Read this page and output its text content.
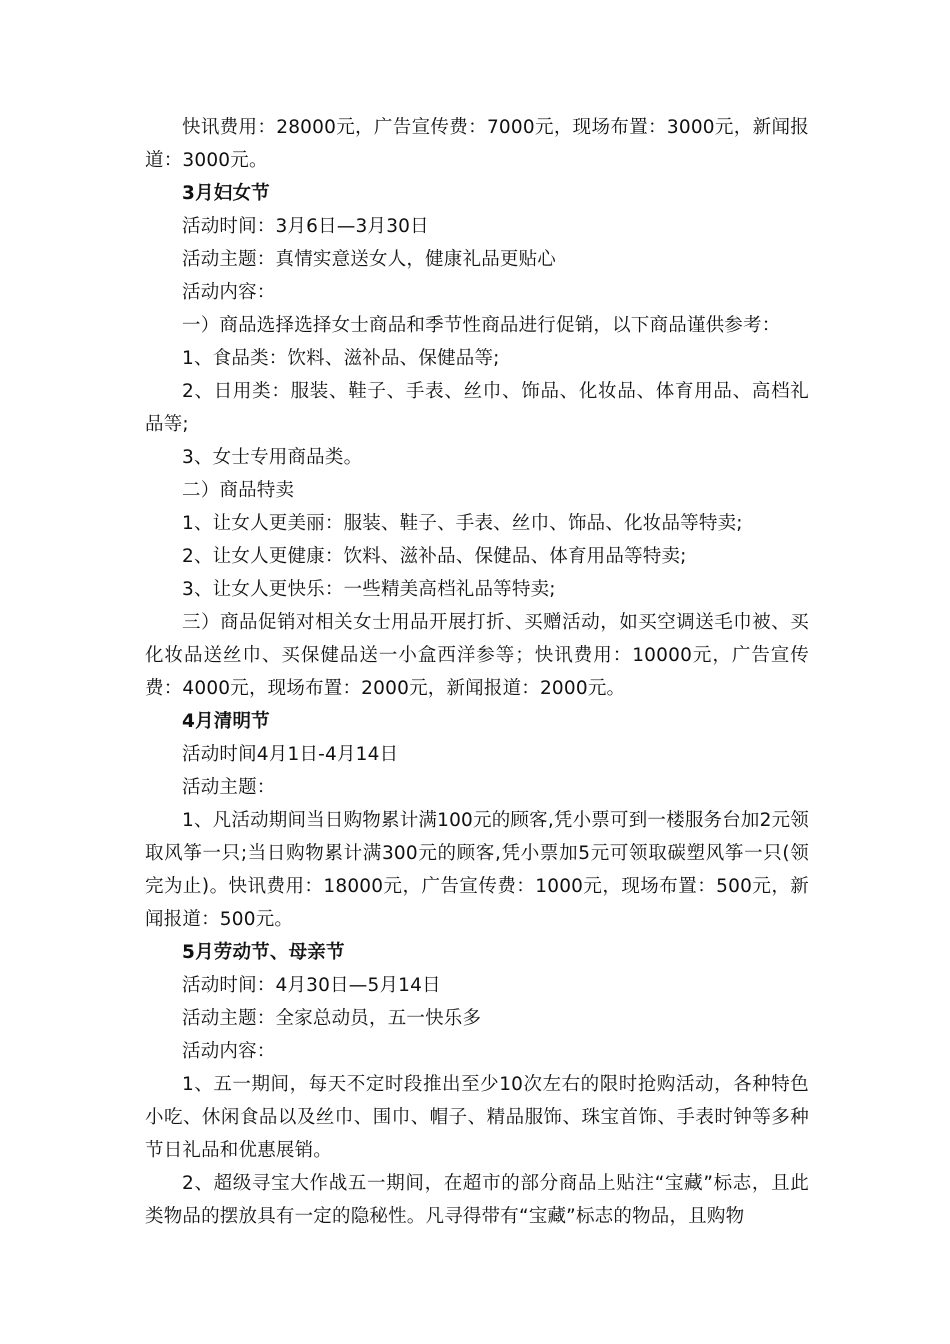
快讯费用：28000元，广告宣传费：7000元，现场布置：3000元，新闻报道：3000元。

3月妇女节

活动时间：3月6日—3月30日

活动主题：真情实意送女人，健康礼品更贴心

活动内容：

一）商品选择选择女士商品和季节性商品进行促销，以下商品谨供参考：

1、食品类：饮料、滋补品、保健品等;

2、日用类：服装、鞋子、手表、丝巾、饰品、化妆品、体育用品、高档礼品等;

3、女士专用商品类。

二）商品特卖

1、让女人更美丽：服装、鞋子、手表、丝巾、饰品、化妆品等特卖;

2、让女人更健康：饮料、滋补品、保健品、体育用品等特卖;

3、让女人更快乐：一些精美高档礼品等特卖;

三）商品促销对相关女士用品开展打折、买赠活动，如买空调送毛巾被、买化妆品送丝巾、买保健品送一小盒西洋参等；快讯费用：10000元，广告宣传费：4000元，现场布置：2000元，新闻报道：2000元。

4月清明节

活动时间4月1日-4月14日

活动主题：

1、凡活动期间当日购物累计满100元的顾客,凭小票可到一楼服务台加2元领取风筝一只;当日购物累计满300元的顾客,凭小票加5元可领取碳塑风筝一只(领完为止)。快讯费用：18000元，广告宣传费：1000元，现场布置：500元，新闻报道：500元。

5月劳动节、母亲节

活动时间：4月30日—5月14日

活动主题：全家总动员，五一快乐多

活动内容：

1、五一期间，每天不定时段推出至少10次左右的限时抢购活动，各种特色小吃、休闲食品以及丝巾、围巾、帽子、精品服饰、珠宝首饰、手表时钟等多种节日礼品和优惠展销。

2、超级寻宝大作战五一期间，在超市的部分商品上贴注“宝藏”标志，且此类物品的摆放具有一定的隐秘性。凡寻得带有“宝藏”标志的物品，且购物
